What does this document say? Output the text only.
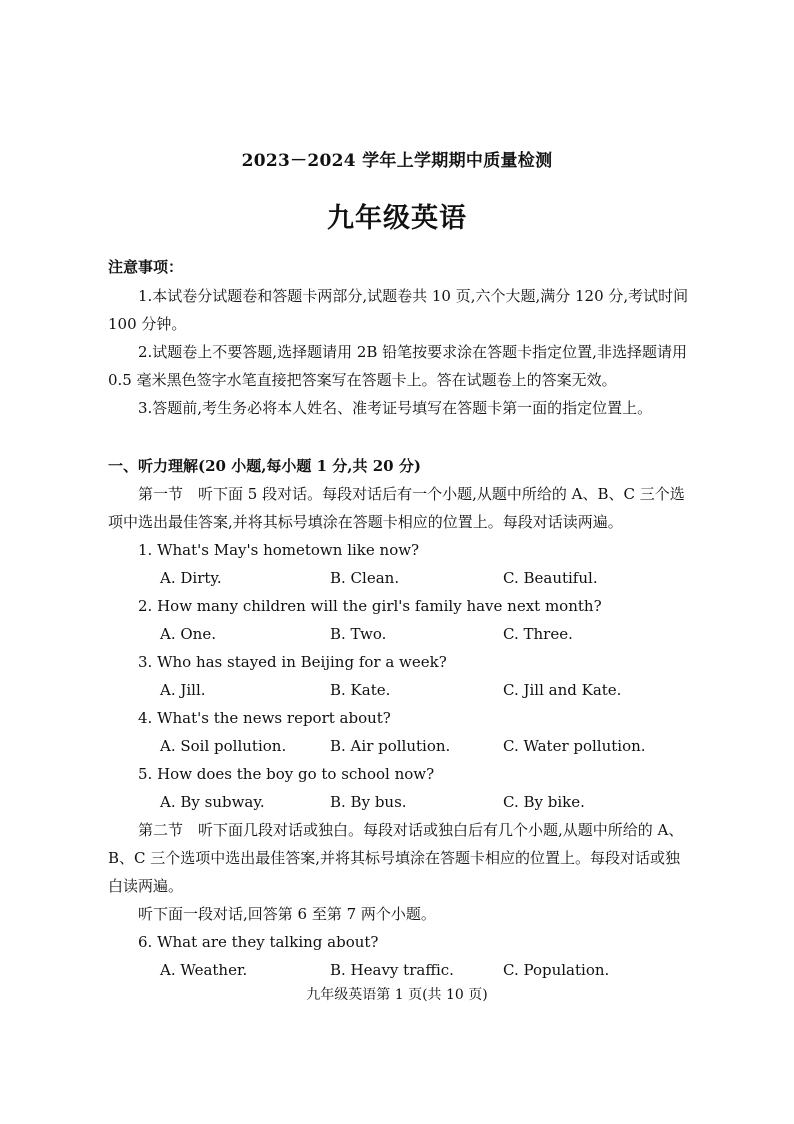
2023－2024 学年上学期期中质量检测
九年级英语
注意事项：

1.本试卷分试题卷和答题卡两部分,试题卷共 10 页,六个大题,满分 120 分,考试时间 100 分钟。

2.试题卷上不要答题,选择题请用 2B 铅笔按要求涂在答题卡指定位置,非选择题请用 0.5 毫米黑色签字水笔直接把答案写在答题卡上。答在试题卷上的答案无效。

3.答题前,考生务必将本人姓名、准考证号填写在答题卡第一面的指定位置上。

一、听力理解(20 小题,每小题 1 分,共 20 分)

第一节　听下面 5 段对话。每段对话后有一个小题,从题中所给的 A、B、C 三个选项中选出最佳答案,并将其标号填涂在答题卡相应的位置上。每段对话读两遍。

1. What's May's hometown like now?

A. Dirty.	B. Clean.	C. Beautiful.

2. How many children will the girl's family have next month?

A. One.	B. Two.	C. Three.

3. Who has stayed in Beijing for a week?

A. Jill.	B. Kate.	C. Jill and Kate.

4. What's the news report about?

A. Soil pollution.	B. Air pollution.	C. Water pollution.

5. How does the boy go to school now?

A. By subway.	B. By bus.	C. By bike.

第二节　听下面几段对话或独白。每段对话或独白后有几个小题,从题中所给的 A、B、C 三个选项中选出最佳答案,并将其标号填涂在答题卡相应的位置上。每段对话或独白读两遍。

听下面一段对话,回答第 6 至第 7 两个小题。

6. What are they talking about?

A. Weather.	B. Heavy traffic.	C. Population.
九年级英语第 1 页(共 10 页)
